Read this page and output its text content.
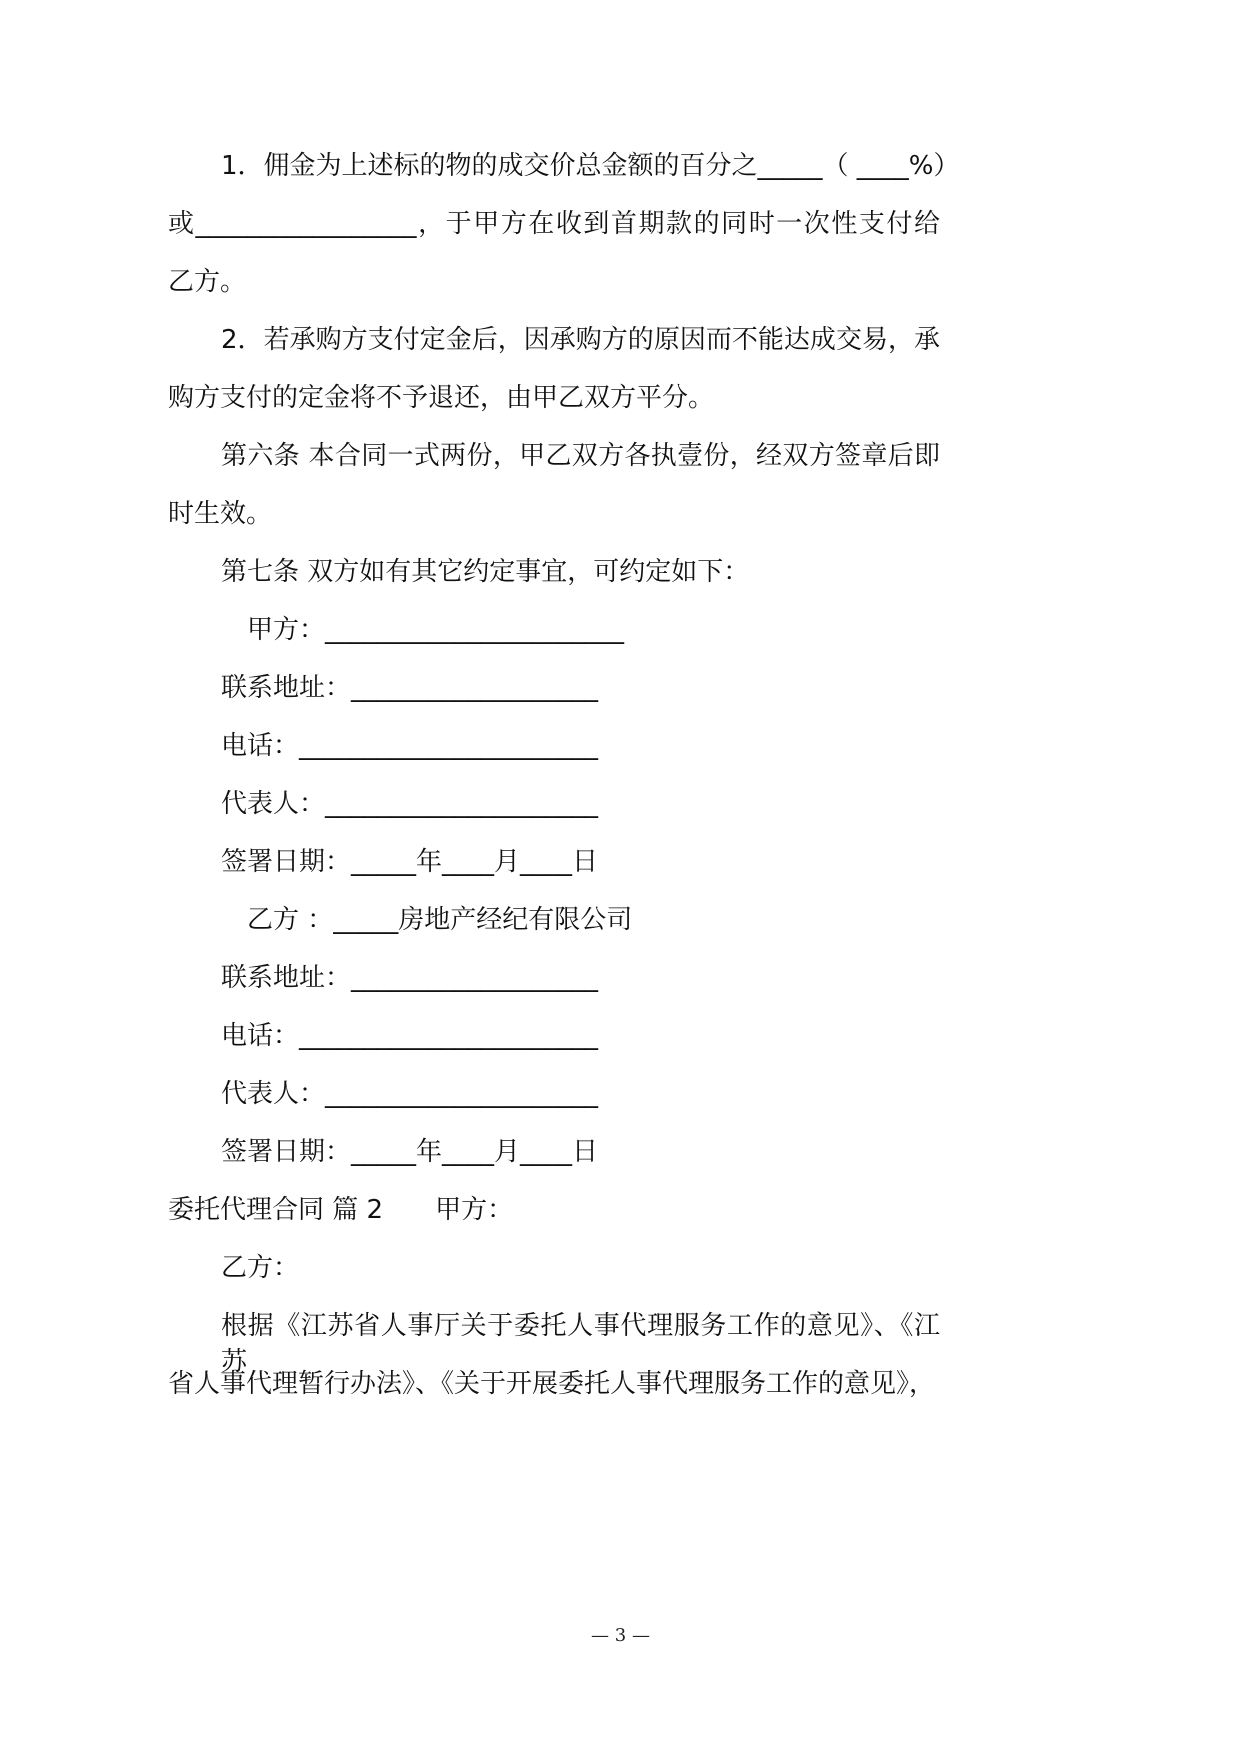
1．佣金为上述标的物的成交价总金额的百分之_____（ ____%）
或_________________，于甲方在收到首期款的同时一次性支付给
乙方。
2．若承购方支付定金后，因承购方的原因而不能达成交易，承
购方支付的定金将不予退还，由甲乙双方平分。
第六条 本合同一式两份，甲乙双方各执壹份，经双方签章后即
时生效。
第七条 双方如有其它约定事宜，可约定如下：
甲方：_______________________
联系地址：___________________
电话：_______________________
代表人：_____________________
签署日期：_____年____月____日
乙方 ：_____房地产经纪有限公司
联系地址：___________________
电话：_______________________
代表人：_____________________
签署日期：_____年____月____日
委托代理合同 篇 2　　甲方：
乙方：
根据《江苏省人事厅关于委托人事代理服务工作的意见》、《江苏
省人事代理暂行办法》、《关于开展委托人事代理服务工作的意见》，
— 3 —
